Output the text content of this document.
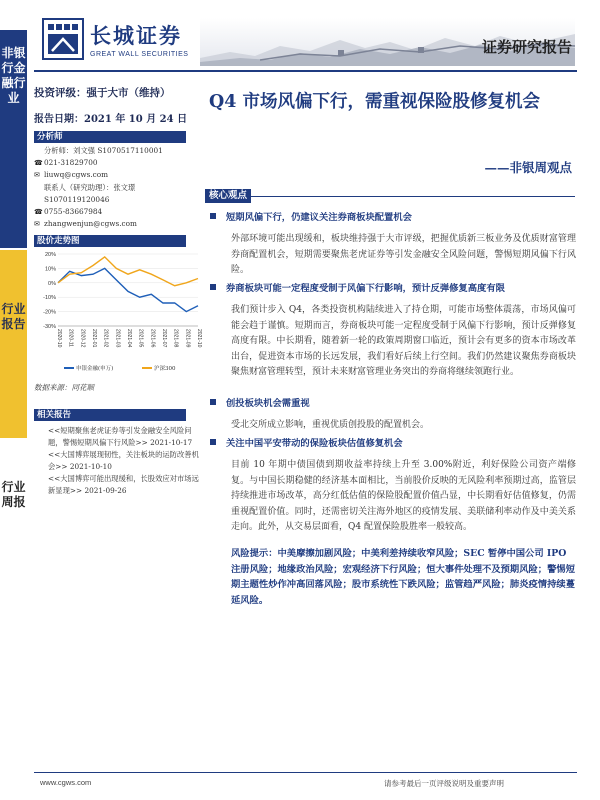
非银行金融行业
行业报告
行业周报
长城证券
GREAT WALL SECURITIES	证券研究报告
投资评级：强于大市（维持）
报告日期：2021 年 10 月 24 日
分析师
分析师：刘文强 S1070517110001
☎ 021-31829700
✉ liuwq@cgws.com
联系人（研究助理）：张文璟
S1070119120046
☎ 0755-83667984
✉ zhangwenjun@cgws.com
股价走势图
20%
10%
0%
-10%
-20%
-30%
2020-10 2020-11 2020-12 2021-01 2021-02 2021-03 2021-04 2021-05 2021-06 2021-07 2021-08 2021-09 2021-10
申银金融(申万)	沪深300
数据来源：同花顺
相关报告
<<短期聚焦老虎证券等引发金融安全风险问题，警惕短期风偏下行风险>> 2021-10-17
<<大国博弈展现韧性，关注板块的运防改善机会>> 2021-10-10
<<大国博弈可能出现缓和，长股效应对市场远新显现>> 2021-09-26
Q4 市场风偏下行，需重视保险股修复机会
——非银周观点
核心观点
短期风偏下行，仍建议关注券商板块配置机会
外部环境可能出现缓和，板块维持强于大市评级，把握优质新三板业务及优质财富管理券商配置机会，短期需要聚焦老虎证券等引发金融安全风险问题，警惕短期风偏下行风险。
券商板块可能一定程度受制于风偏下行影响，预计反弹修复高度有限
我们预计步入 Q4，各类投资机构陆续进入了持仓期，可能市场整体震荡，市场风偏可能会趋于谨慎。短期而言，券商板块可能一定程度受制于风偏下行影响，预计反弹修复高度有限。中长期看，随着新一轮的政策周期窗口临近，预计会有更多的资本市场改革出台，促进资本市场的长远发展，我们看好后续上行空间。我们仍然建议聚焦券商板块聚焦财富管理转型，预计未来财富管理业务突出的券商将继续领跑行业。
创投板块机会需重视
受北交所成立影响，重视优质创投股的配置机会。
关注中国平安带动的保险板块估值修复机会
目前 10 年期中债国债到期收益率持续上升至 3.00%附近，利好保险公司资产端修复。与中国长期稳健的经济基本面相比，当前股价反映的无风险利率预期过高，监管层持续推进市场改革，高分红低估值的保险股配置价值凸显，中长期看好估值修复，仍需重视配置价值。同时，还需密切关注海外地区的疫情发展、美联储利率动作及中美关系走向。此外，从交易层面看，Q4 配置保险股胜率一般较高。
风险提示：中美摩擦加剧风险；中美利差持续收窄风险；SEC 暂停中国公司 IPO 注册风险；地缘政治风险；宏观经济下行风险；恒大事件处理不及预期风险；警惕短期主题性炒作冲高回落风险；股市系统性下跌风险；监管趋严风险；肺炎疫情持续蔓延风险。
www.cgws.com	请参考最后一页评级说明及重要声明
